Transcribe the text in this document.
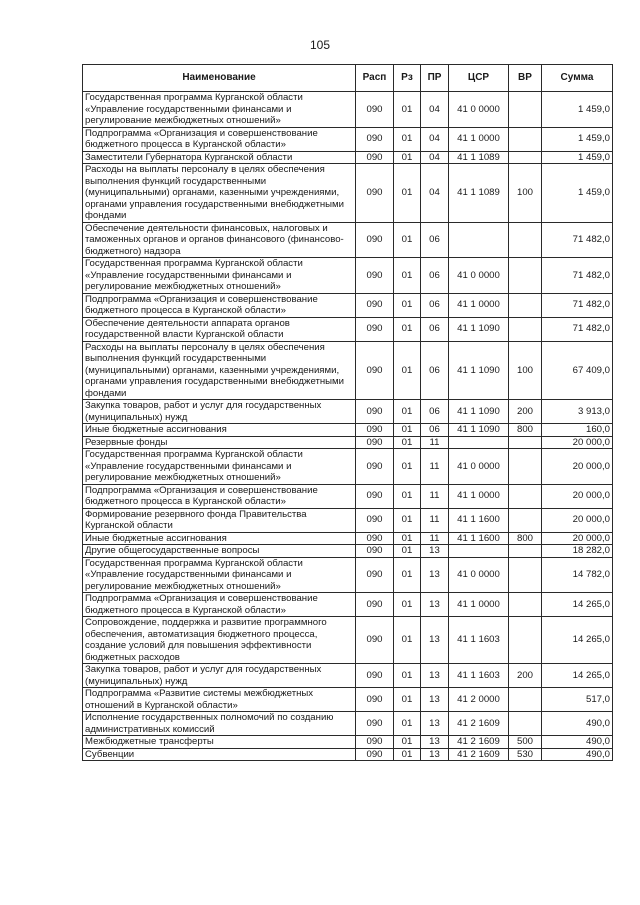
105
Наименование	Расп	Рз	ПР	ЦСР	ВР	Сумма
Государственная программа Курганской области «Управление государственными финансами и регулирование межбюджетных отношений»	090	01	04	41 0 0000		1 459,0
Подпрограмма «Организация и совершенствование бюджетного процесса в Курганской области»	090	01	04	41 1 0000		1 459,0
Заместители Губернатора Курганской области	090	01	04	41 1 1089		1 459,0
Расходы на выплаты персоналу в целях обеспечения выполнения функций государственными (муниципальными) органами, казенными учреждениями, органами управления государственными внебюджетными фондами	090	01	04	41 1 1089	100	1 459,0
Обеспечение деятельности финансовых, налоговых и таможенных органов и органов финансового (финансово-бюджетного) надзора	090	01	06			71 482,0
Государственная программа Курганской области «Управление государственными финансами и регулирование межбюджетных отношений»	090	01	06	41 0 0000		71 482,0
Подпрограмма «Организация и совершенствование бюджетного процесса в Курганской области»	090	01	06	41 1 0000		71 482,0
Обеспечение деятельности аппарата органов государственной власти Курганской области	090	01	06	41 1 1090		71 482,0
Расходы на выплаты персоналу в целях обеспечения выполнения функций государственными (муниципальными) органами, казенными учреждениями, органами управления государственными внебюджетными фондами	090	01	06	41 1 1090	100	67 409,0
Закупка товаров, работ и услуг для государственных (муниципальных) нужд	090	01	06	41 1 1090	200	3 913,0
Иные бюджетные ассигнования	090	01	06	41 1 1090	800	160,0
Резервные фонды	090	01	11			20 000,0
Государственная программа Курганской области «Управление государственными финансами и регулирование межбюджетных отношений»	090	01	11	41 0 0000		20 000,0
Подпрограмма «Организация и совершенствование бюджетного процесса в Курганской области»	090	01	11	41 1 0000		20 000,0
Формирование резервного фонда Правительства Курганской области	090	01	11	41 1 1600		20 000,0
Иные бюджетные ассигнования	090	01	11	41 1 1600	800	20 000,0
Другие общегосударственные вопросы	090	01	13			18 282,0
Государственная программа Курганской области «Управление государственными финансами и регулирование межбюджетных отношений»	090	01	13	41 0 0000		14 782,0
Подпрограмма «Организация и совершенствование бюджетного процесса в Курганской области»	090	01	13	41 1 0000		14 265,0
Сопровождение, поддержка и развитие программного обеспечения, автоматизация бюджетного процесса, создание условий для повышения эффективности бюджетных расходов	090	01	13	41 1 1603		14 265,0
Закупка товаров, работ и услуг для государственных (муниципальных) нужд	090	01	13	41 1 1603	200	14 265,0
Подпрограмма «Развитие системы межбюджетных отношений в Курганской области»	090	01	13	41 2 0000		517,0
Исполнение государственных полномочий по созданию административных комиссий	090	01	13	41 2 1609		490,0
Межбюджетные трансферты	090	01	13	41 2 1609	500	490,0
Субвенции	090	01	13	41 2 1609	530	490,0
